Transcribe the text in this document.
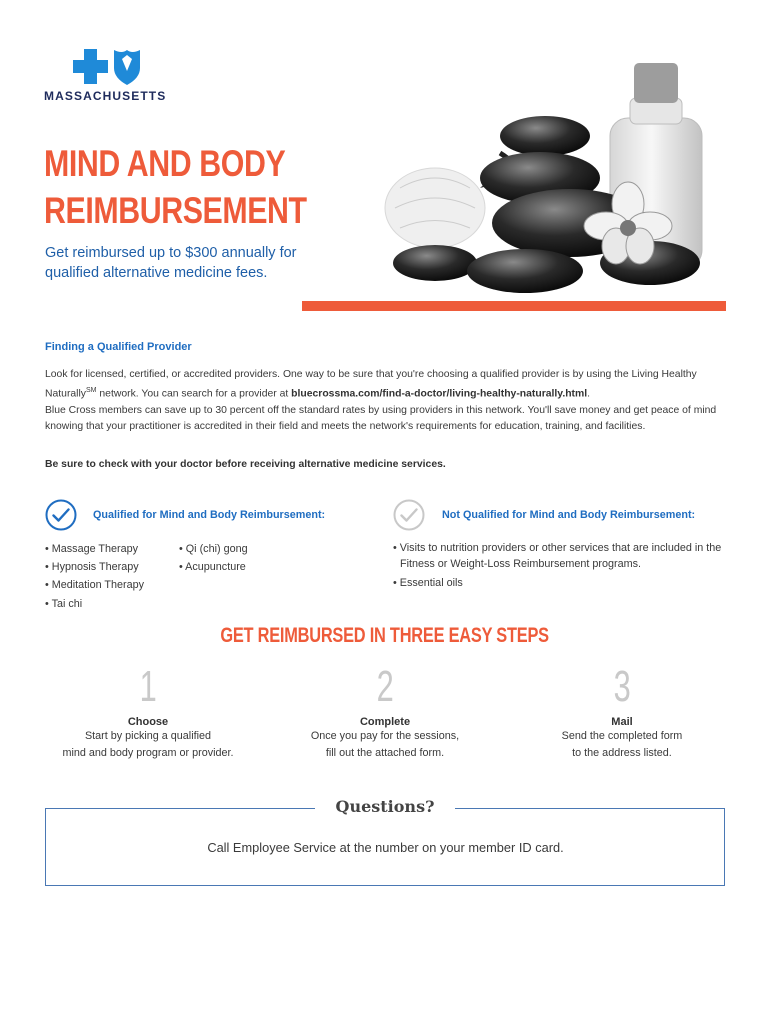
MASSACHUSETTS
MIND AND BODY
REIMBURSEMENT
Get reimbursed up to $300 annually for qualified alternative medicine fees.
Finding a Qualified Provider
Look for licensed, certified, or accredited providers. One way to be sure that you're choosing a qualified provider is by using the Living Healthy Naturally℠ network. You can search for a provider at bluecrossma.com/find-a-doctor/living-healthy-naturally.html.
Blue Cross members can save up to 30 percent off the standard rates by using providers in this network. You'll save money and get peace of mind knowing that your practitioner is accredited in their field and meets the network's requirements for education, training, and facilities.
Be sure to check with your doctor before receiving alternative medicine services.
Qualified for Mind and Body Reimbursement:
• Massage Therapy
• Hypnosis Therapy
• Meditation Therapy
• Tai chi
• Qi (chi) gong
• Acupuncture
Not Qualified for Mind and Body Reimbursement:
• Visits to nutrition providers or other services that are included in the Fitness or Weight-Loss Reimbursement programs.
• Essential oils
GET REIMBURSED IN THREE EASY STEPS
1
Choose
Start by picking a qualified
mind and body program or provider.
2
Complete
Once you pay for the sessions,
fill out the attached form.
3
Mail
Send the completed form
to the address listed.
Questions?
Call Employee Service at the number on your member ID card.
